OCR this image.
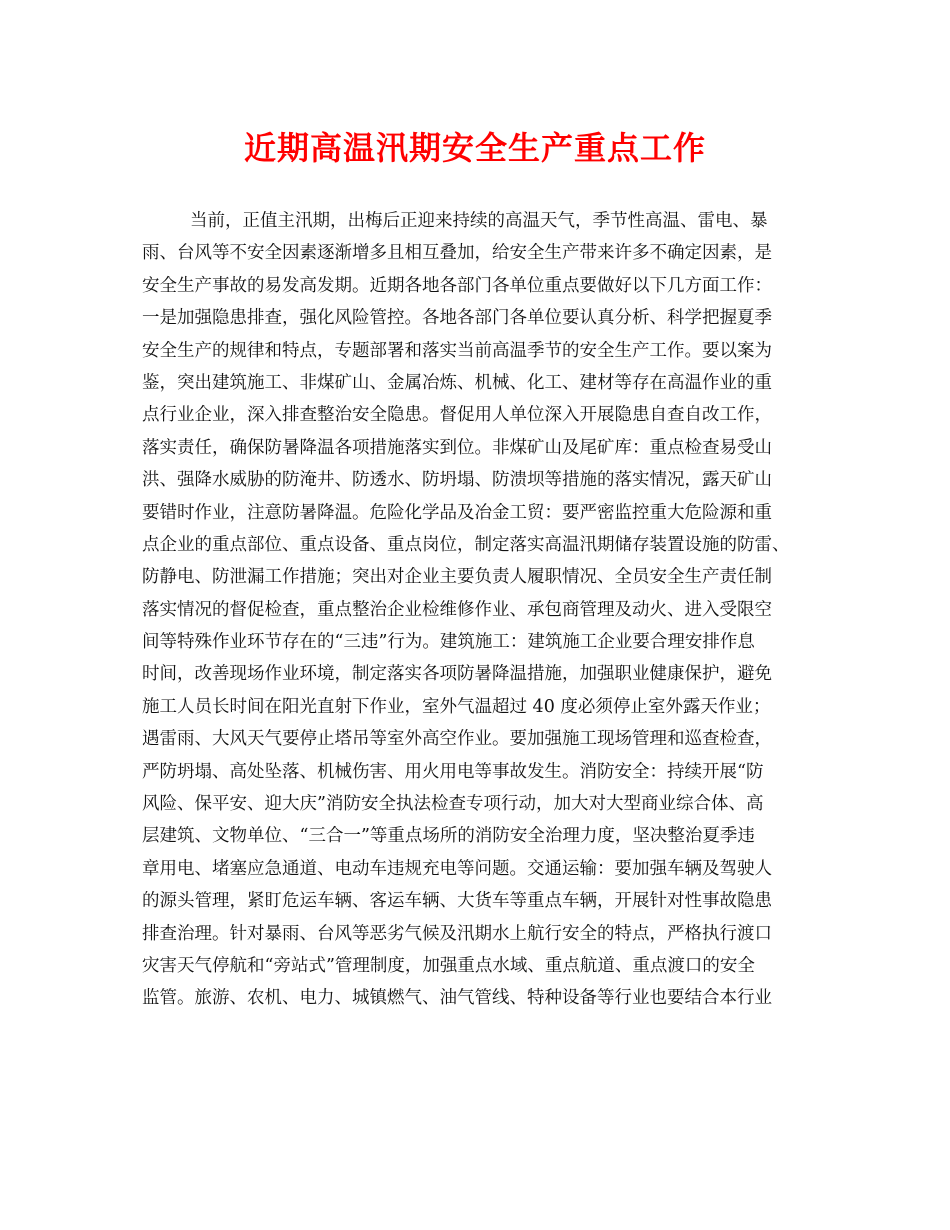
近期高温汛期安全生产重点工作
当前，正值主汛期，出梅后正迎来持续的高温天气，季节性高温、雷电、暴
雨、台风等不安全因素逐渐增多且相互叠加，给安全生产带来许多不确定因素，是
安全生产事故的易发高发期。近期各地各部门各单位重点要做好以下几方面工作：
一是加强隐患排查，强化风险管控。各地各部门各单位要认真分析、科学把握夏季
安全生产的规律和特点，专题部署和落实当前高温季节的安全生产工作。要以案为
鉴，突出建筑施工、非煤矿山、金属冶炼、机械、化工、建材等存在高温作业的重
点行业企业，深入排查整治安全隐患。督促用人单位深入开展隐患自查自改工作，
落实责任，确保防暑降温各项措施落实到位。非煤矿山及尾矿库：重点检查易受山
洪、强降水威胁的防淹井、防透水、防坍塌、防溃坝等措施的落实情况，露天矿山
要错时作业，注意防暑降温。危险化学品及冶金工贸：要严密监控重大危险源和重
点企业的重点部位、重点设备、重点岗位，制定落实高温汛期储存装置设施的防雷、
防静电、防泄漏工作措施；突出对企业主要负责人履职情况、全员安全生产责任制
落实情况的督促检查，重点整治企业检维修作业、承包商管理及动火、进入受限空
间等特殊作业环节存在的“三违”行为。建筑施工：建筑施工企业要合理安排作息
时间，改善现场作业环境，制定落实各项防暑降温措施，加强职业健康保护，避免
施工人员长时间在阳光直射下作业，室外气温超过 40 度必须停止室外露天作业；
遇雷雨、大风天气要停止塔吊等室外高空作业。要加强施工现场管理和巡查检查，
严防坍塌、高处坠落、机械伤害、用火用电等事故发生。消防安全：持续开展“防
风险、保平安、迎大庆”消防安全执法检查专项行动，加大对大型商业综合体、高
层建筑、文物单位、“三合一”等重点场所的消防安全治理力度，坚决整治夏季违
章用电、堵塞应急通道、电动车违规充电等问题。交通运输：要加强车辆及驾驶人
的源头管理，紧盯危运车辆、客运车辆、大货车等重点车辆，开展针对性事故隐患
排查治理。针对暴雨、台风等恶劣气候及汛期水上航行安全的特点，严格执行渡口
灾害天气停航和“旁站式”管理制度，加强重点水域、重点航道、重点渡口的安全
监管。旅游、农机、电力、城镇燃气、油气管线、特种设备等行业也要结合本行业
